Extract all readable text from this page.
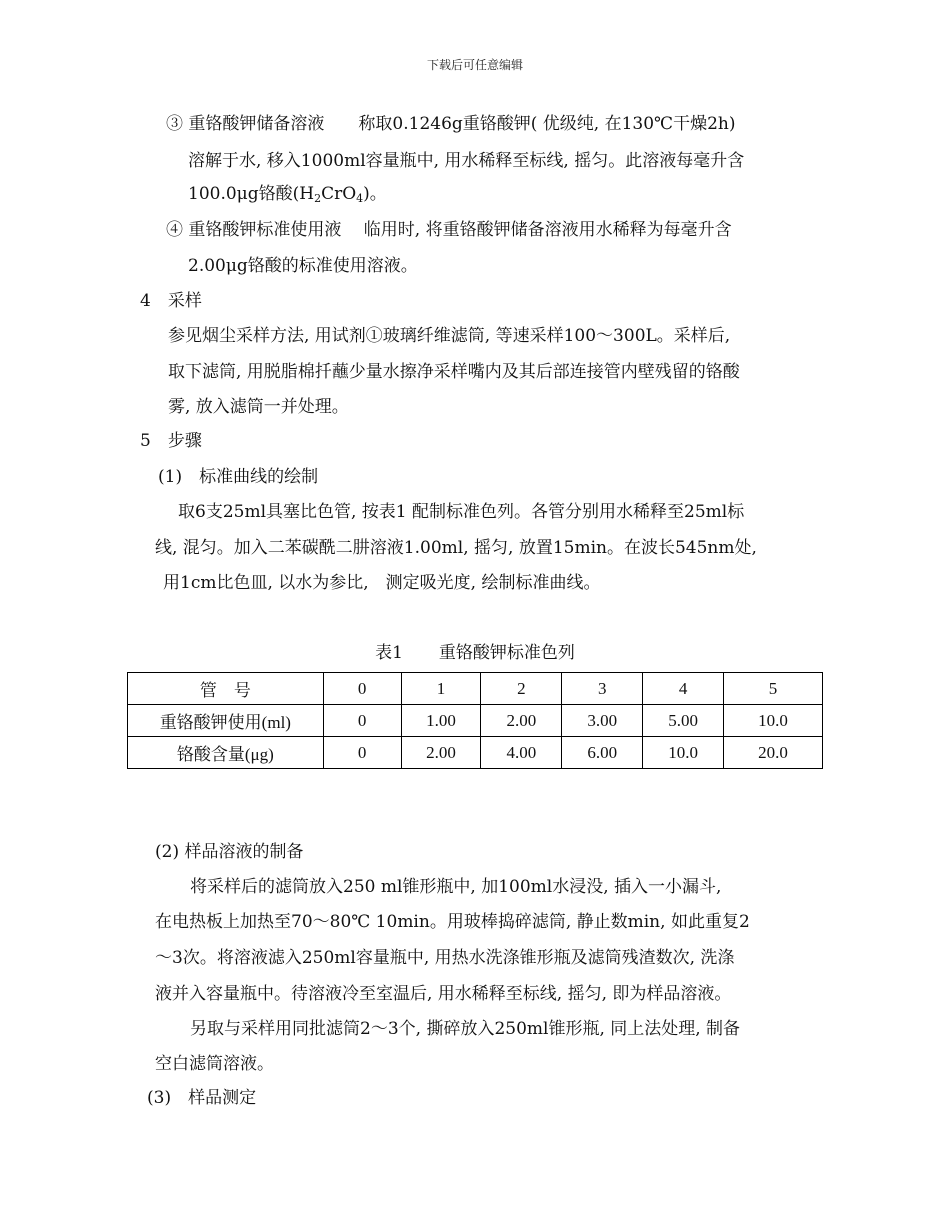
下载后可任意编辑
③ 重铬酸钾储备溶液　　称取0.1246g重铬酸钾( 优级纯, 在130℃干燥2h)
溶解于水, 移入1000ml容量瓶中, 用水稀释至标线, 摇匀。此溶液每毫升含
100.0μg铬酸$(H_2CrO_4)$。
④ 重铬酸钾标准使用液　 临用时, 将重铬酸钾储备溶液用水稀释为每毫升含
2.00μg铬酸的标准使用溶液。
4　采样
参见烟尘采样方法, 用试剂①玻璃纤维滤筒, 等速采样100～300L。采样后,
取下滤筒, 用脱脂棉扦蘸少量水擦净采样嘴内及其后部连接管内壁残留的铬酸
雾, 放入滤筒一并处理。
5　步骤
(1)　标准曲线的绘制
取6支25ml具塞比色管, 按表1 配制标准色列。各管分别用水稀释至25ml标
线, 混匀。加入二苯碳酰二肼溶液1.00ml, 摇匀, 放置15min。在波长545nm处,
用1cm比色皿, 以水为参比,　测定吸光度, 绘制标准曲线。
表1 重铬酸钾标准色列
管　号	0	1	2	3	4	5
重铬酸钾使用(ml)	0	1.00	2.00	3.00	5.00	10.0
铬酸含量(μg)	0	2.00	4.00	6.00	10.0	20.0
(2) 样品溶液的制备
将采样后的滤筒放入250 ml锥形瓶中, 加100ml水浸没, 插入一小漏斗,
在电热板上加热至70～80℃ 10min。用玻棒捣碎滤筒, 静止数min, 如此重复2
～3次。将溶液滤入250ml容量瓶中, 用热水洗涤锥形瓶及滤筒残渣数次, 洗涤
液并入容量瓶中。待溶液冷至室温后, 用水稀释至标线, 摇匀, 即为样品溶液。
另取与采样用同批滤筒2～3个, 撕碎放入250ml锥形瓶, 同上法处理, 制备
空白滤筒溶液。
(3)　样品测定
